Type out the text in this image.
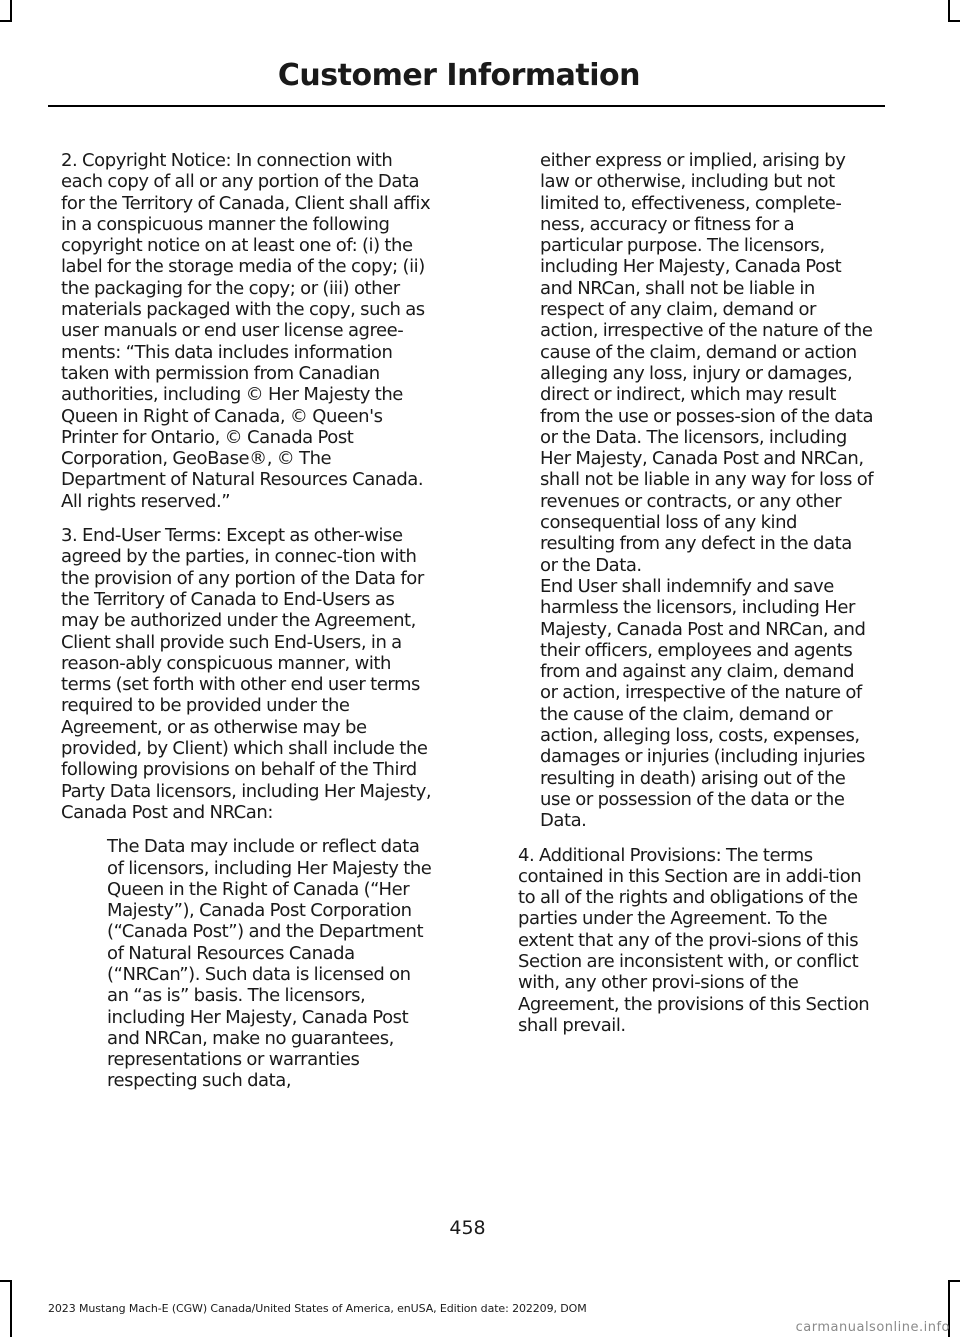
Customer Information

2. Copyright Notice: In connection with each copy of all or any portion of the Data for the Territory of Canada, Client shall affix in a conspicuous manner the following copyright notice on at least one of: (i) the label for the storage media of the copy; (ii) the packaging for the copy; or (iii) other materials packaged with the copy, such as user manuals or end user license agree-ments: “This data includes information taken with permission from Canadian authorities, including © Her Majesty the Queen in Right of Canada, © Queen's Printer for Ontario, © Canada Post Corporation, GeoBase®, © The Department of Natural Resources Canada. All rights reserved.”

3. End-User Terms: Except as other-wise agreed by the parties, in connec-tion with the provision of any portion of the Data for the Territory of Canada to End-Users as may be authorized under the Agreement, Client shall provide such End-Users, in a reason-ably conspicuous manner, with terms (set forth with other end user terms required to be provided under the Agreement, or as otherwise may be provided, by Client) which shall include the following provisions on behalf of the Third Party Data licensors, including Her Majesty, Canada Post and NRCan:

The Data may include or reflect data of licensors, including Her Majesty the Queen in the Right of Canada (“Her Majesty”), Canada Post Corporation (“Canada Post”) and the Department of Natural Resources Canada (“NRCan”). Such data is licensed on an “as is” basis. The licensors, including Her Majesty, Canada Post and NRCan, make no guarantees, representations or warranties respecting such data,

either express or implied, arising by law or otherwise, including but not limited to, effectiveness, complete-ness, accuracy or fitness for a particular purpose. The licensors, including Her Majesty, Canada Post and NRCan, shall not be liable in respect of any claim, demand or action, irrespective of the nature of the cause of the claim, demand or action alleging any loss, injury or damages, direct or indirect, which may result from the use or posses-sion of the data or the Data. The licensors, including Her Majesty, Canada Post and NRCan, shall not be liable in any way for loss of revenues or contracts, or any other consequential loss of any kind resulting from any defect in the data or the Data.

End User shall indemnify and save harmless the licensors, including Her Majesty, Canada Post and NRCan, and their officers, employees and agents from and against any claim, demand or action, irrespective of the nature of the cause of the claim, demand or action, alleging loss, costs, expenses, damages or injuries (including injuries resulting in death) arising out of the use or possession of the data or the Data.

4. Additional Provisions: The terms contained in this Section are in addi-tion to all of the rights and obligations of the parties under the Agreement. To the extent that any of the provi-sions of this Section are inconsistent with, or conflict with, any other provi-sions of the Agreement, the provisions of this Section shall prevail.

458
2023 Mustang Mach-E (CGW) Canada/United States of America, enUSA, Edition date: 202209, DOM
carmanualsonline.info
